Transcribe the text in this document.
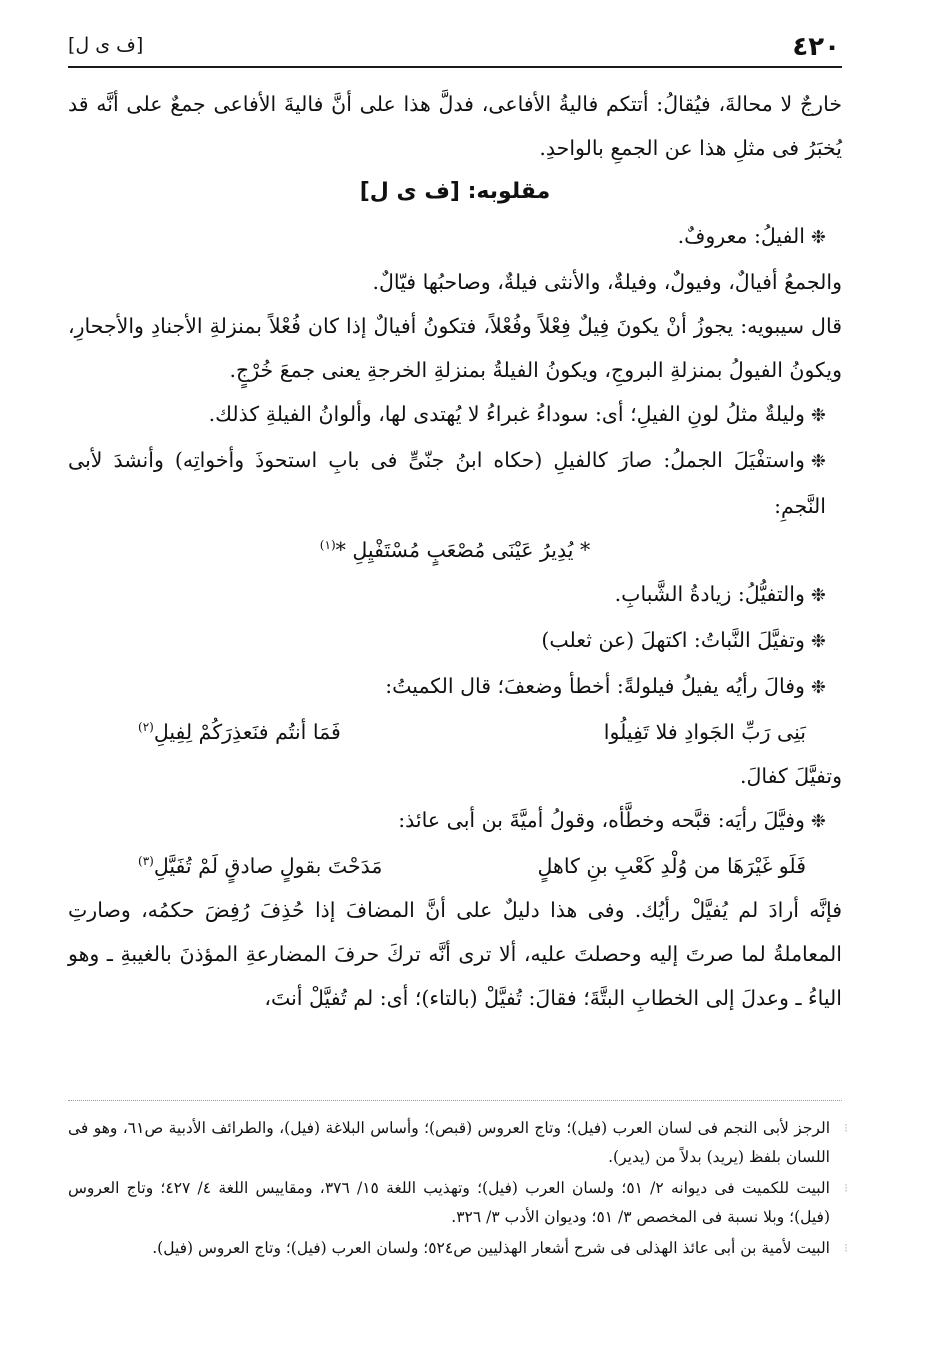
٤٢٠
[ف ى ل]

خارجٌ لا محالةَ، فيُقالُ: أتتكم فاليةُ الأفاعى، فدلَّ هذا على أنَّ فاليةَ الأفاعى جمعٌ على أنَّه قد يُخبَرُ فى مثلِ هذا عن الجمعِ بالواحدِ.

مقلوبه: [ف ى ل]

❉الفيلُ: معروفٌ.

والجمعُ أفيالٌ، وفيولٌ، وفيلةٌ، والأنثى فيلةٌ، وصاحبُها فيّالٌ.

قال سيبويه: يجوزُ أنْ يكونَ فِيلٌ فِعْلاً وفُعْلاً، فتكونُ أفيالٌ إذا كان فُعْلاً بمنزلةِ الأجنادِ والأجحارِ، ويكونُ الفيولُ بمنزلةِ البروجِ، ويكونُ الفيلةُ بمنزلةِ الخرجةِ يعنى جمعَ خُرْجٍ.

❉وليلةٌ مثلُ لونِ الفيلِ؛ أى: سوداءُ غبراءُ لا يُهتدى لها، وألوانُ الفيلةِ كذلك.

❉واستفْيَلَ الجملُ: صارَ كالفيلِ (حكاه ابنُ جنّىٍّ فى بابِ استحوذَ وأخواتِه) وأنشدَ لأبى النَّجمِ:

* يُدِيرُ عَيْنَى مُصْعَبٍ مُسْتَفْيِلِ *$^{(١)}$

❉والتفيُّلُ: زيادةُ الشَّبابِ.

❉وتفيَّلَ النَّباتُ: اكتهلَ (عن ثعلب)

❉وفالَ رأيُه يفيلُ فيلولةً: أخطأ وضعفَ؛ قال الكميتُ:

بَنِى رَبِّ الجَوادِ فلا تَفِيلُوا
فَمَا أنتُم فنَعذِرَكُمْ لِفِيلِ$^{(٢)}$

وتفيَّلَ كفالَ.

❉وفيَّلَ رأيَه: قبَّحه وخطَّأه، وقولُ أميَّةَ بن أبى عائذ:

فَلَو غَيْرَهَا من وُلْدِ كَعْبِ بنِ كاهلٍ
مَدَحْتَ بقولٍ صادقٍ لَمْ تُفَيَّلِ$^{(٣)}$

فإنَّه أرادَ لم يُفيَّلْ رأيُك. وفى هذا دليلٌ على أنَّ المضافَ إذا حُذِفَ رُفِضَ حكمُه، وصارتِ المعاملةُ لما صرتَ إليه وحصلتَ عليه، ألا ترى أنَّه تركَ حرفَ المضارعةِ المؤذنَ بالغيبةِ ـ وهو الياءُ ـ وعدلَ إلى الخطابِ البتَّةَ؛ فقالَ: تُفيَّلْ (بالتاء)؛ أى: لم تُفيَّلْ أنتَ،

⁝
الرجز لأبى النجم فى لسان العرب (فيل)؛ وتاج العروس (قبص)؛ وأساس البلاغة (فيل)، والطرائف الأدبية ص٦١، وهو فى اللسان بلفظ (يريد) بدلاً من (يدير).

⁝
البيت للكميت فى ديوانه ٢/ ٥١؛ ولسان العرب (فيل)؛ وتهذيب اللغة ١٥/ ٣٧٦، ومقاييس اللغة ٤/ ٤٢٧؛ وتاج العروس (فيل)؛ وبلا نسبة فى المخصص ٣/ ٥١؛ وديوان الأدب ٣/ ٣٢٦.

⁝
البيت لأمية بن أبى عائذ الهذلى فى شرح أشعار الهذليين ص٥٢٤؛ ولسان العرب (فيل)؛ وتاج العروس (فيل).
